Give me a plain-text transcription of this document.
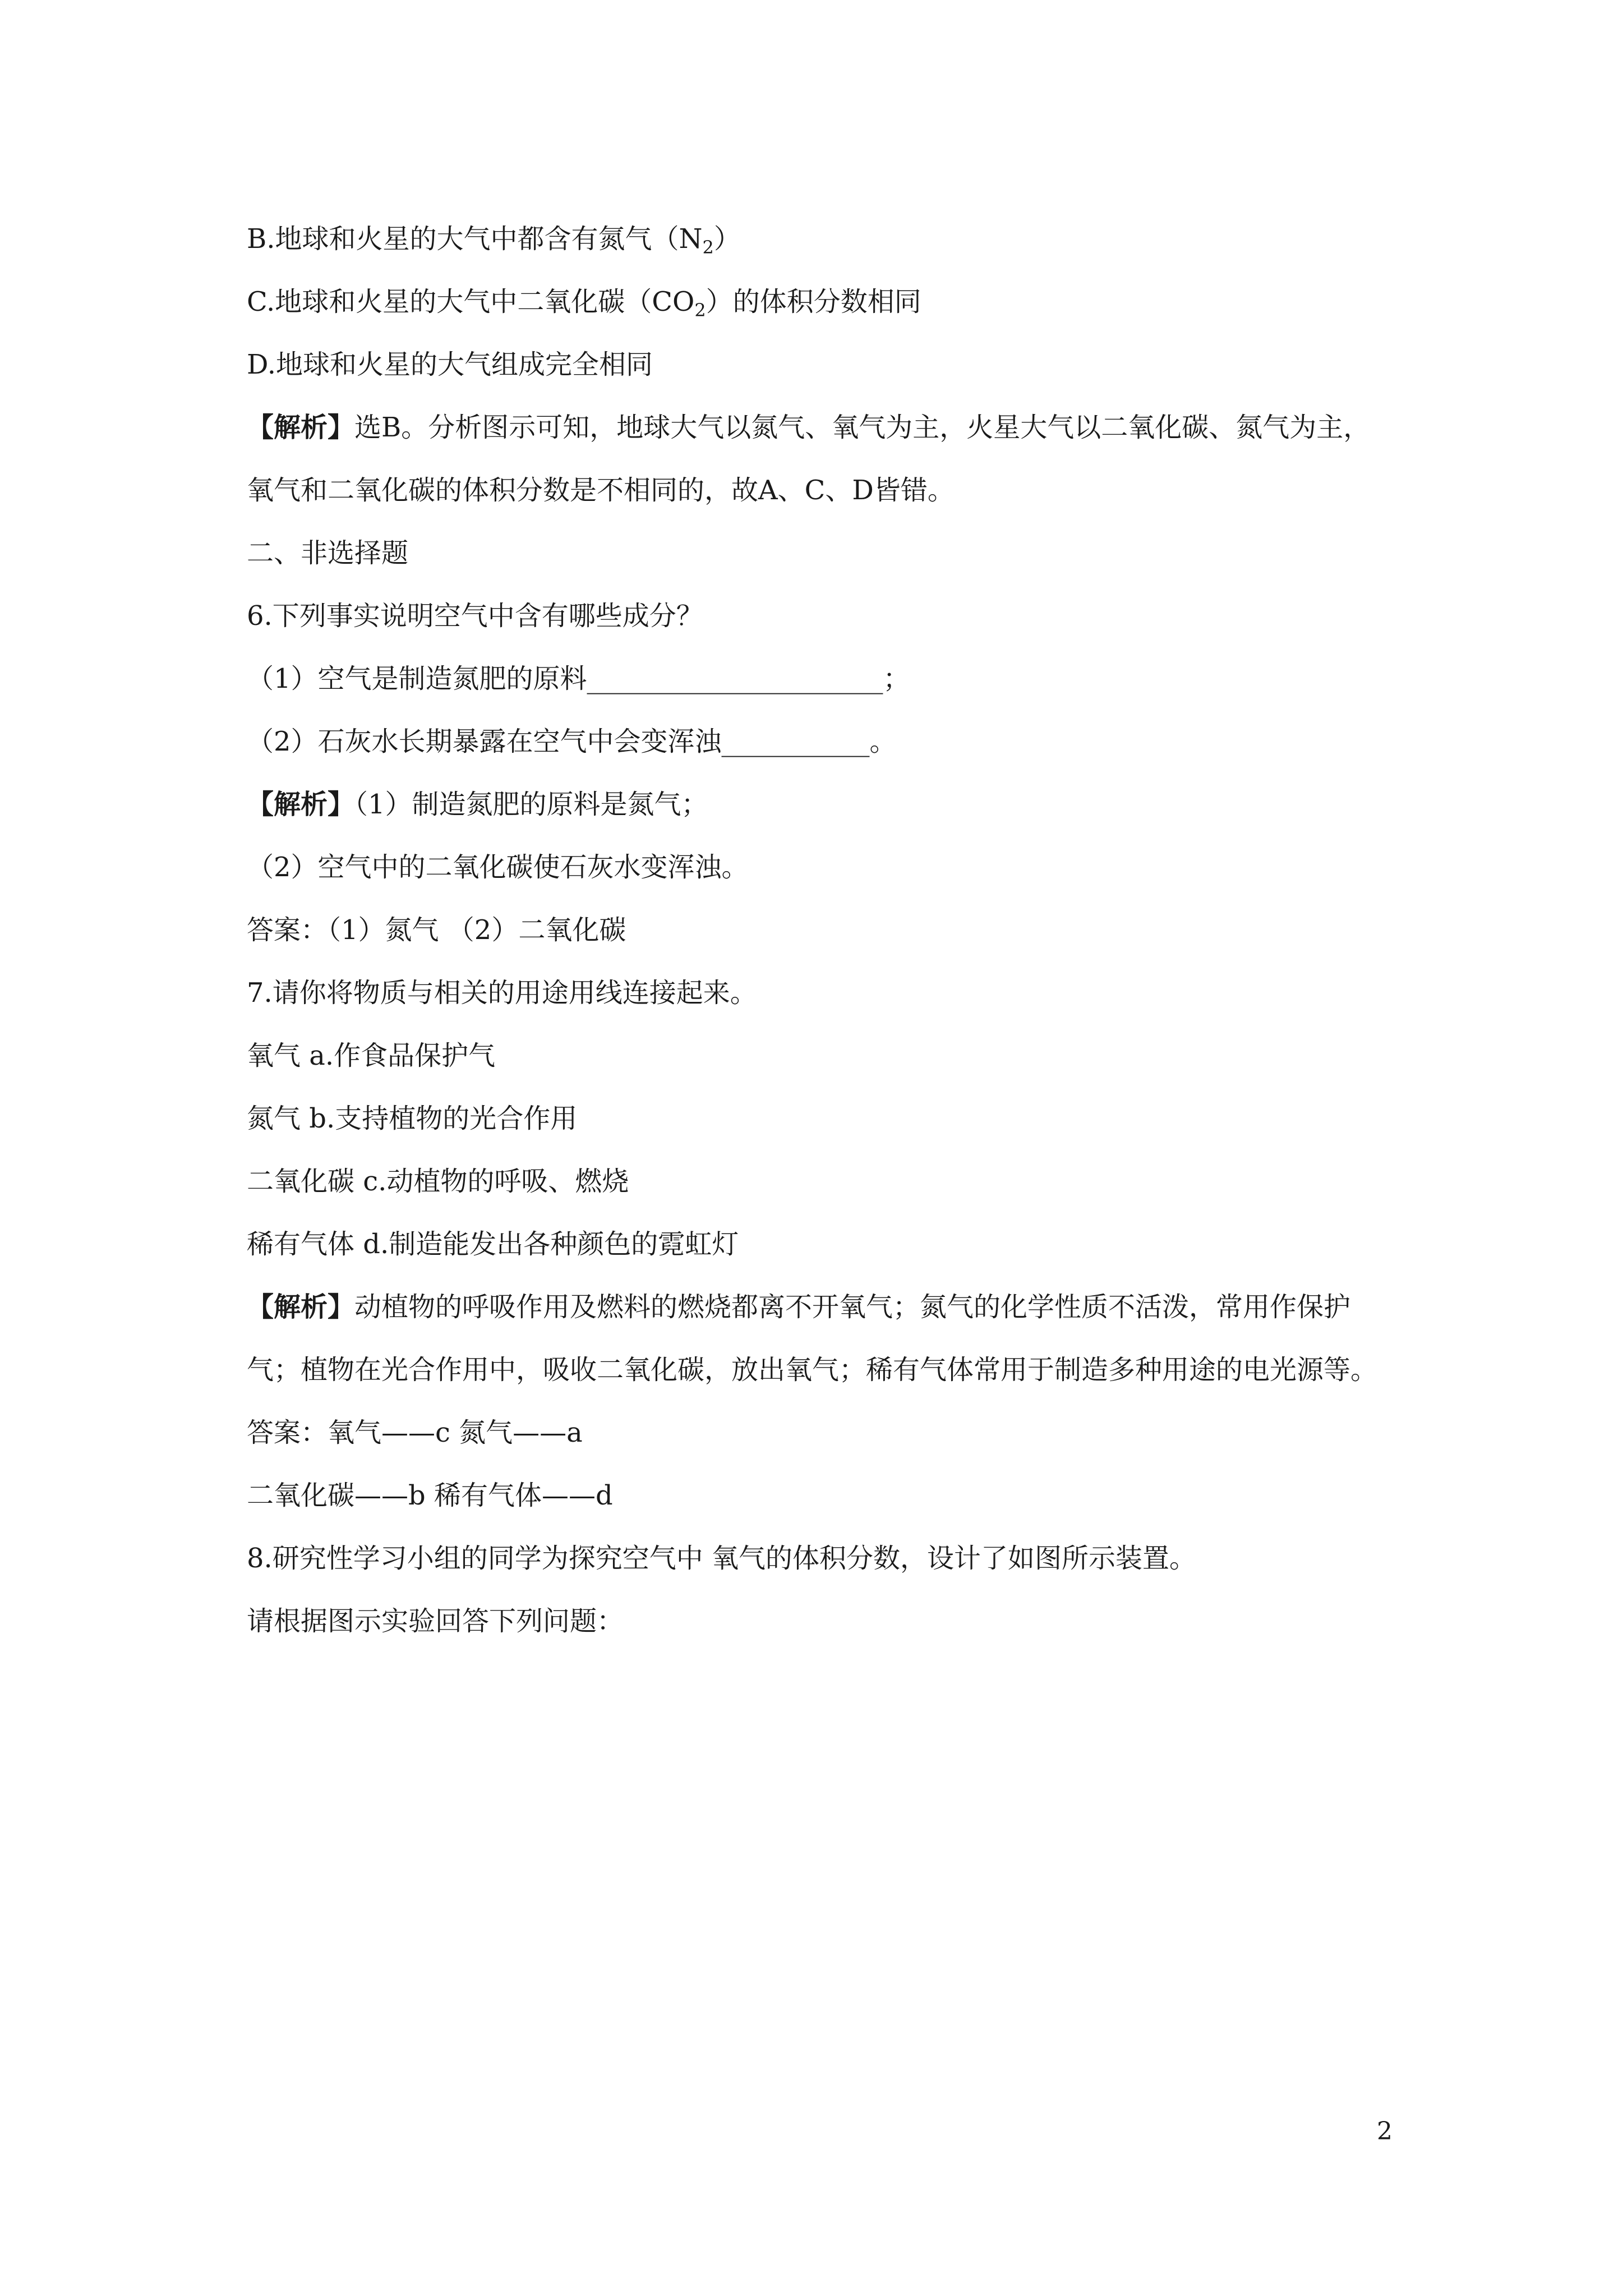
B.地球和火星的大气中都含有氮气$(N_2)$

C.地球和火星的大气中二氧化碳$(CO_2)$的体积分数相同

D.地球和火星的大气组成完全相同

【解析】选B。分析图示可知，地球大气以氮气、氧气为主，火星大气以二氧化碳、氮气为主，氧气和二氧化碳的体积分数是不相同的，故A、C、D皆错。

二、非选择题

6.下列事实说明空气中含有哪些成分？

（1）空气是制造氮肥的原料______________________；

（2）石灰水长期暴露在空气中会变浑浊___________。

【解析】（1）制造氮肥的原料是氮气；

（2）空气中的二氧化碳使石灰水变浑浊。

答案：（1）氮气 （2）二氧化碳

7.请你将物质与相关的用途用线连接起来。

氧气 a.作食品保护气

氮气 b.支持植物的光合作用

二氧化碳 c.动植物的呼吸、燃烧

稀有气体 d.制造能发出各种颜色的霓虹灯

【解析】动植物的呼吸作用及燃料的燃烧都离不开氧气；氮气的化学性质不活泼，常用作保护气；植物在光合作用中，吸收二氧化碳，放出氧气；稀有气体常用于制造多种用途的电光源等。

答案：氧气——c 氮气——a

二氧化碳——b 稀有气体——d

8.研究性学习小组的同学为探究空气中 氧气的体积分数，设计了如图所示装置。

请根据图示实验回答下列问题：

2
